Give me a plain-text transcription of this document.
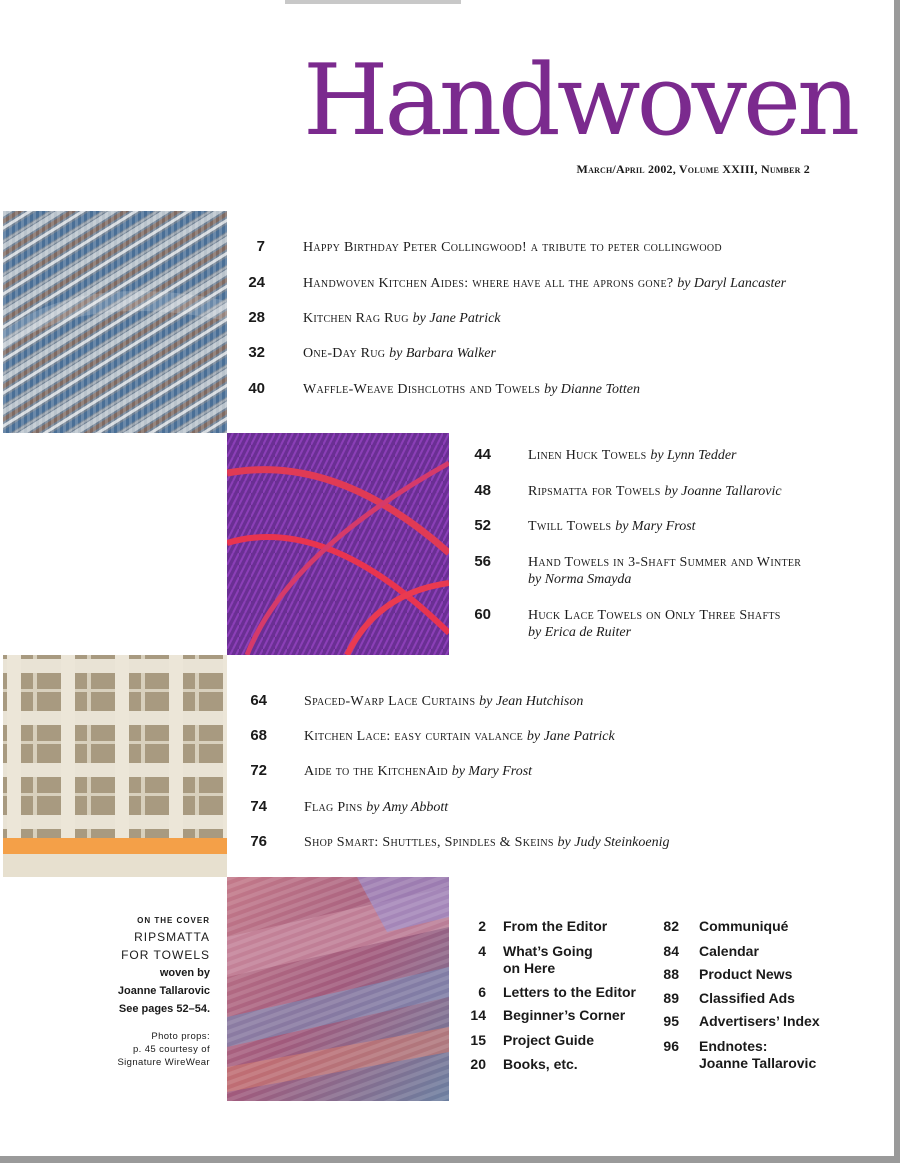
Handwoven
March/April 2002, Volume XXIII, Number 2
7	Happy Birthday Peter Collingwood! a tribute to peter collingwood
24	Handwoven Kitchen Aides: where have all the aprons gone? by Daryl Lancaster
28	Kitchen Rag Rug by Jane Patrick
32	One-Day Rug by Barbara Walker
40	Waffle-Weave Dishcloths and Towels by Dianne Totten
44	Linen Huck Towels by Lynn Tedder
48	Ripsmatta for Towels by Joanne Tallarovic
52	Twill Towels by Mary Frost
56	Hand Towels in 3-Shaft Summer and Winter
by Norma Smayda
60	Huck Lace Towels on Only Three Shafts
by Erica de Ruiter
64	Spaced-Warp Lace Curtains by Jean Hutchison
68	Kitchen Lace: easy curtain valance by Jane Patrick
72	Aide to the KitchenAid by Mary Frost
74	Flag Pins by Amy Abbott
76	Shop Smart: Shuttles, Spindles & Skeins by Judy Steinkoenig
2 From the Editor
4 What’s Going
on Here
6 Letters to the Editor
14 Beginner’s Corner
15 Project Guide
20 Books, etc.
82 Communiqué
84 Calendar
88 Product News
89 Classified Ads
95 Advertisers’ Index
96 Endnotes:
Joanne Tallarovic
ON THE COVER
RIPSMATTA
FOR TOWELS
woven by
Joanne Tallarovic
See pages 52–54.
Photo props:
p. 45 courtesy of
Signature WireWear
